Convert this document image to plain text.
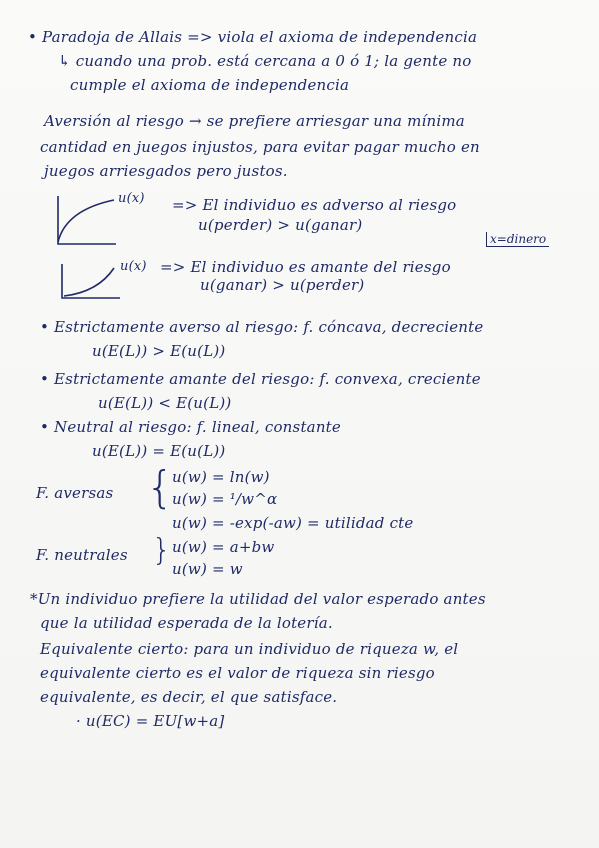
• Paradoja de Allais => viola el axioma de independencia
↳ cuando una prob. está cercana a 0 ó 1; la gente no
cumple el axioma de independencia
Aversión al riesgo → se prefiere arriesgar una mínima
cantidad en juegos injustos, para evitar pagar mucho en
juegos arriesgados pero justos.
u(x) => El individuo es adverso al riesgo
u(perder) > u(ganar)
u(x) => El individuo es amante del riesgo
u(ganar) > u(perder)
x=dinero
• Estrictamente averso al riesgo: f. cóncava, decreciente
u(E(L)) > E(u(L))
• Estrictamente amante del riesgo: f. convexa, creciente
u(E(L)) < E(u(L))
• Neutral al riesgo: f. lineal, constante
u(E(L)) = E(u(L))
F. aversas {
u(w) = ln(w)
u(w) = ¹/w^α
u(w) = -exp(-aw) = utilidad cte
F. neutrales } u(w) = a+bw
u(w) = w
*Un individuo prefiere la utilidad del valor esperado antes
que la utilidad esperada de la lotería.
Equivalente cierto: para un individuo de riqueza w, el
equivalente cierto es el valor de riqueza sin riesgo
equivalente, es decir, el que satisface.
· u(EC) = EU[w+a]
